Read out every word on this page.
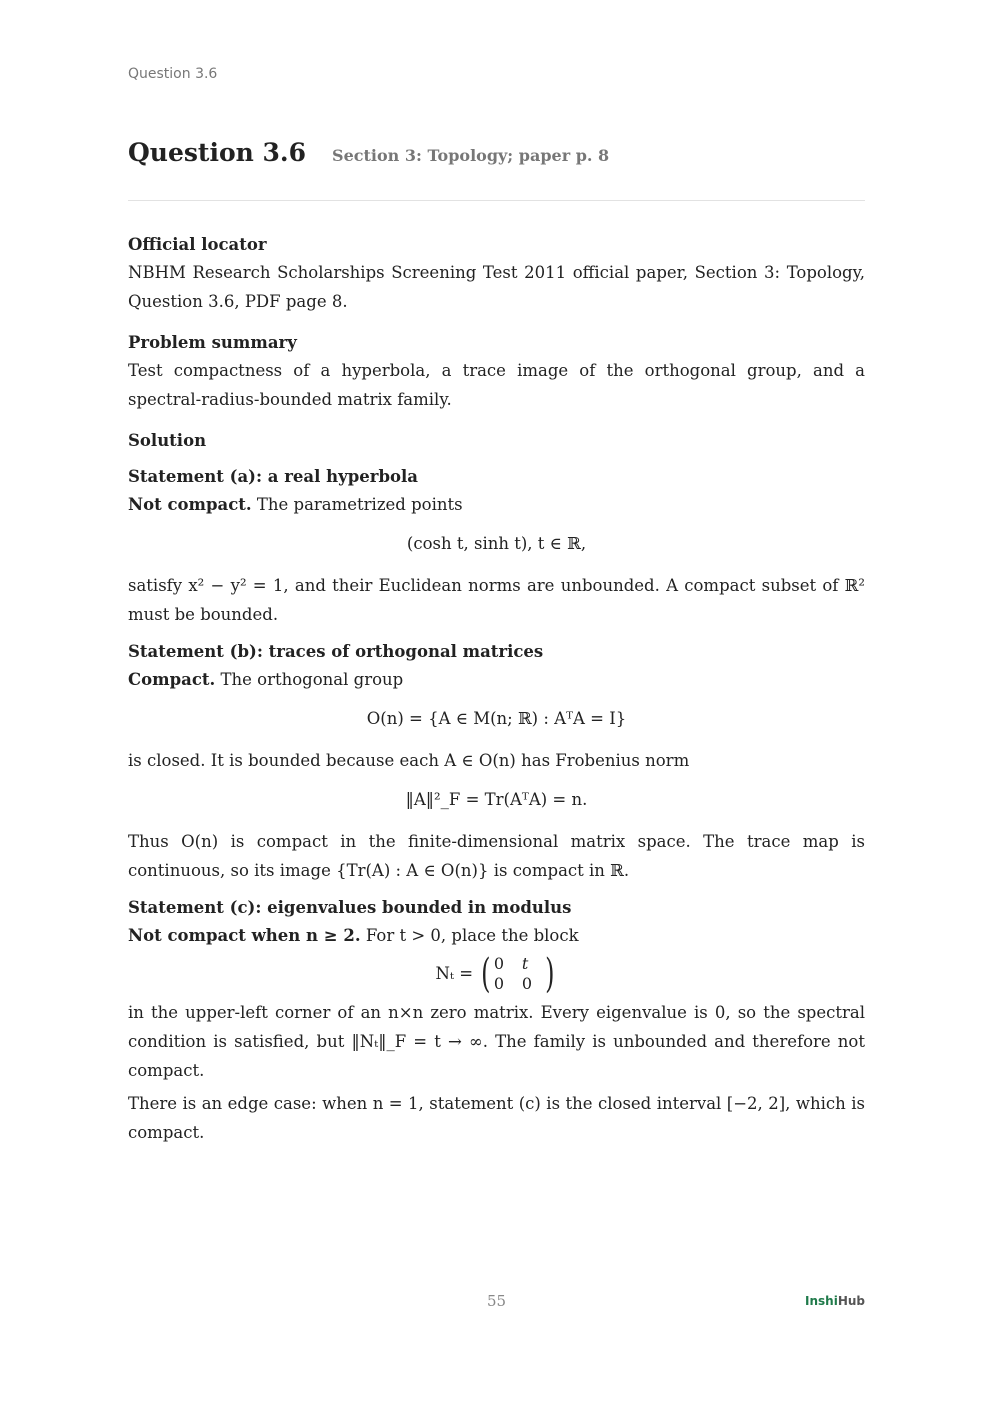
Question 3.6
Question 3.6 Section 3: Topology; paper p. 8
Official locator

NBHM Research Scholarships Screening Test 2011 official paper, Section 3: Topology, Question 3.6, PDF page 8.

Problem summary

Test compactness of a hyperbola, a trace image of the orthogonal group, and a spectral-radius-bounded matrix family.

Solution
Statement (a): a real hyperbola

Not compact. The parametrized points

(cosh t, sinh t), t ∈ ℝ,

satisfy x² − y² = 1, and their Euclidean norms are unbounded. A compact subset of ℝ² must be bounded.

Statement (b): traces of orthogonal matrices

Compact. The orthogonal group

O(n) = {A ∈ M(n; ℝ) : AᵀA = I}

is closed. It is bounded because each A ∈ O(n) has Frobenius norm

‖A‖²_F = Tr(AᵀA) = n.

Thus O(n) is compact in the finite-dimensional matrix space. The trace map is continuous, so its image {Tr(A) : A ∈ O(n)} is compact in ℝ.

Statement (c): eigenvalues bounded in modulus

Not compact when n ≥ 2. For t > 0, place the block

Nₜ = ( 0	t
0	0 )

in the upper-left corner of an n×n zero matrix. Every eigenvalue is 0, so the spectral condition is satisfied, but ‖Nₜ‖_F = t → ∞. The family is unbounded and therefore not compact.

There is an edge case: when n = 1, statement (c) is the closed interval [−2, 2], which is compact.

55	InshiHub
